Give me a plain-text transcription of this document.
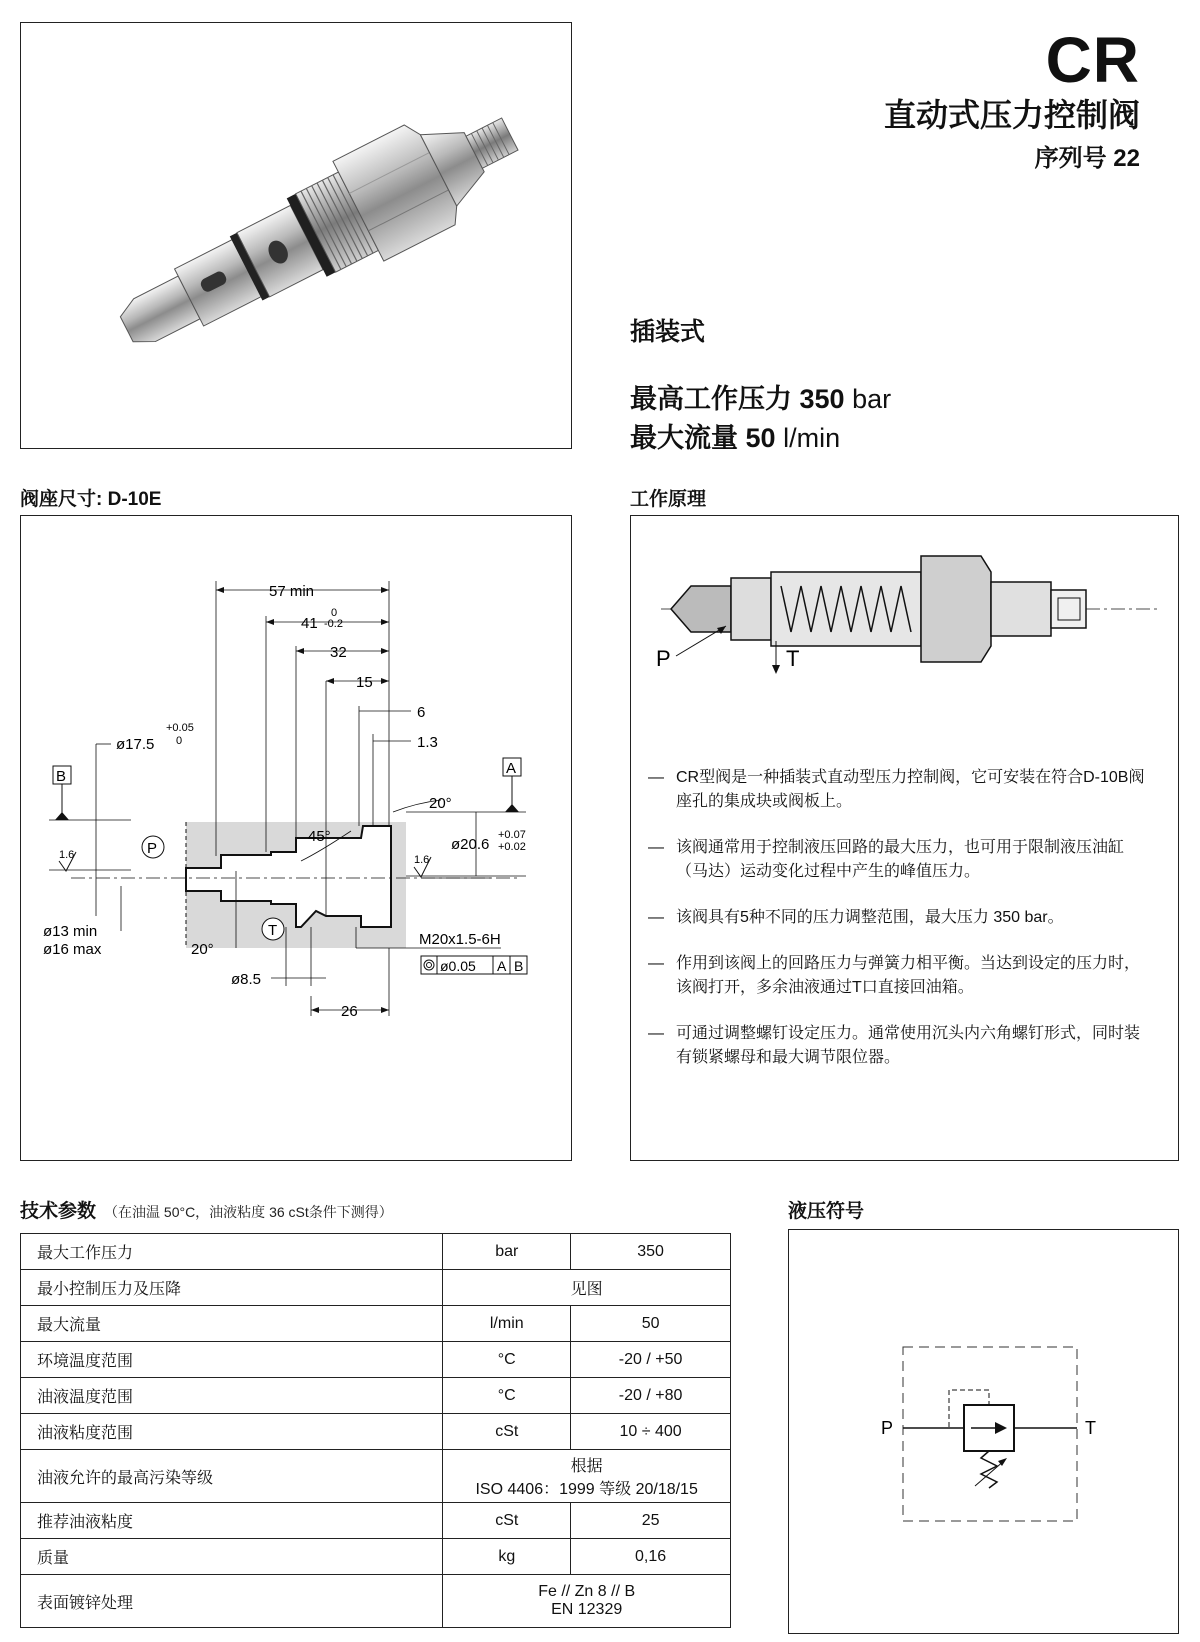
CR
直动式压力控制阀
序列号 22
插装式
最高工作压力 350 bar
最大流量 50 l/min
阀座尺寸: D-10E	工作原理
57 min
41
0
-0.2
32
15
6
1.3
ø17.5
+0.05
0
B
1.6
A
ø20.6
+0.07
+0.02
1.6
20°
45°
P
T
ø13 min
ø16 max	20°
M20x1.5-6H
ø0.05 A B
ø8.5
26
P	T
— CR型阀是一种插装式直动型压力控制阀，它可安装在符合D-10B阀座孔的集成块或阀板上。
— 该阀通常用于控制液压回路的最大压力，也可用于限制液压油缸（马达）运动变化过程中产生的峰值压力。
— 该阀具有5种不同的压力调整范围，最大压力 350 bar。
— 作用到该阀上的回路压力与弹簧力相平衡。当达到设定的压力时，该阀打开，多余油液通过T口直接回油箱。
— 可通过调整螺钉设定压力。通常使用沉头内六角螺钉形式，同时装有锁紧螺母和最大调节限位器。
技术参数 （在油温 50°C，油液粘度 36 cSt条件下测得）
最大工作压力	bar	350
最小控制压力及压降	见图	
最大流量	l/min	50
环境温度范围	°C	-20 / +50
油液温度范围	°C	-20 / +80
油液粘度范围	cSt	10 ÷ 400
油液允许的最高污染等级	根据
ISO 4406：1999 等级 20/18/15	

推荐油液粘度	cSt	25
质量	kg	0,16
表面镀锌处理	Fe // Zn 8 // B
EN 12329	
液压符号
P	T
